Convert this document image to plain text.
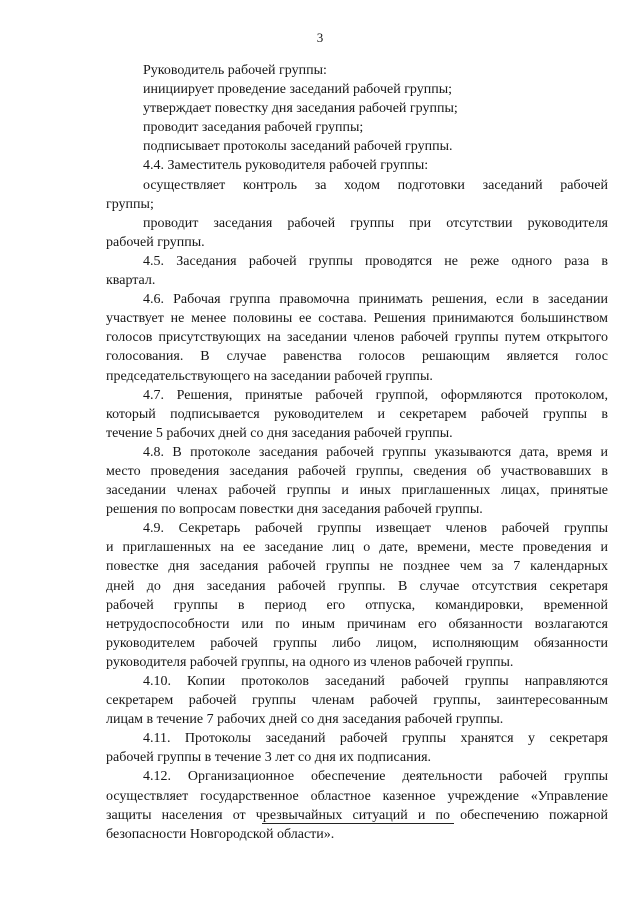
3
Руководитель рабочей группы:
инициирует проведение заседаний рабочей группы;
утверждает повестку дня заседания рабочей группы;
проводит заседания рабочей группы;
подписывает протоколы заседаний рабочей группы.
4.4. Заместитель руководителя рабочей группы:
осуществляет контроль за ходом подготовки заседаний рабочей
группы;
проводит заседания рабочей группы при отсутствии руководителя
рабочей группы.
4.5. Заседания рабочей группы проводятся не реже одного раза в
квартал.
4.6. Рабочая группа правомочна принимать решения, если в заседании
участвует не менее половины ее состава. Решения принимаются большинством
голосов присутствующих на заседании членов рабочей группы путем открытого
голосования. В случае равенства голосов решающим является голос
председательствующего на заседании рабочей группы.
4.7. Решения, принятые рабочей группой, оформляются протоколом,
который подписывается руководителем и секретарем рабочей группы в
течение 5 рабочих дней со дня заседания рабочей группы.
4.8. В протоколе заседания рабочей группы указываются дата, время и
место проведения заседания рабочей группы, сведения об участвовавших в
заседании членах рабочей группы и иных приглашенных лицах, принятые
решения по вопросам повестки дня заседания рабочей группы.
4.9. Секретарь рабочей группы извещает членов рабочей группы
и приглашенных на ее заседание лиц о дате, времени, месте проведения и
повестке дня заседания рабочей группы не позднее чем за 7 календарных
дней до дня заседания рабочей группы. В случае отсутствия секретаря
рабочей группы в период его отпуска, командировки, временной
нетрудоспособности или по иным причинам его обязанности возлагаются
руководителем рабочей группы либо лицом, исполняющим обязанности
руководителя рабочей группы, на одного из членов рабочей группы.
4.10. Копии протоколов заседаний рабочей группы направляются
секретарем рабочей группы членам рабочей группы, заинтересованным
лицам в течение 7 рабочих дней со дня заседания рабочей группы.
4.11. Протоколы заседаний рабочей группы хранятся у секретаря
рабочей группы в течение 3 лет со дня их подписания.
4.12. Организационное обеспечение деятельности рабочей группы
осуществляет государственное областное казенное учреждение «Управление
защиты населения от чрезвычайных ситуаций и по обеспечению пожарной
безопасности Новгородской области».
